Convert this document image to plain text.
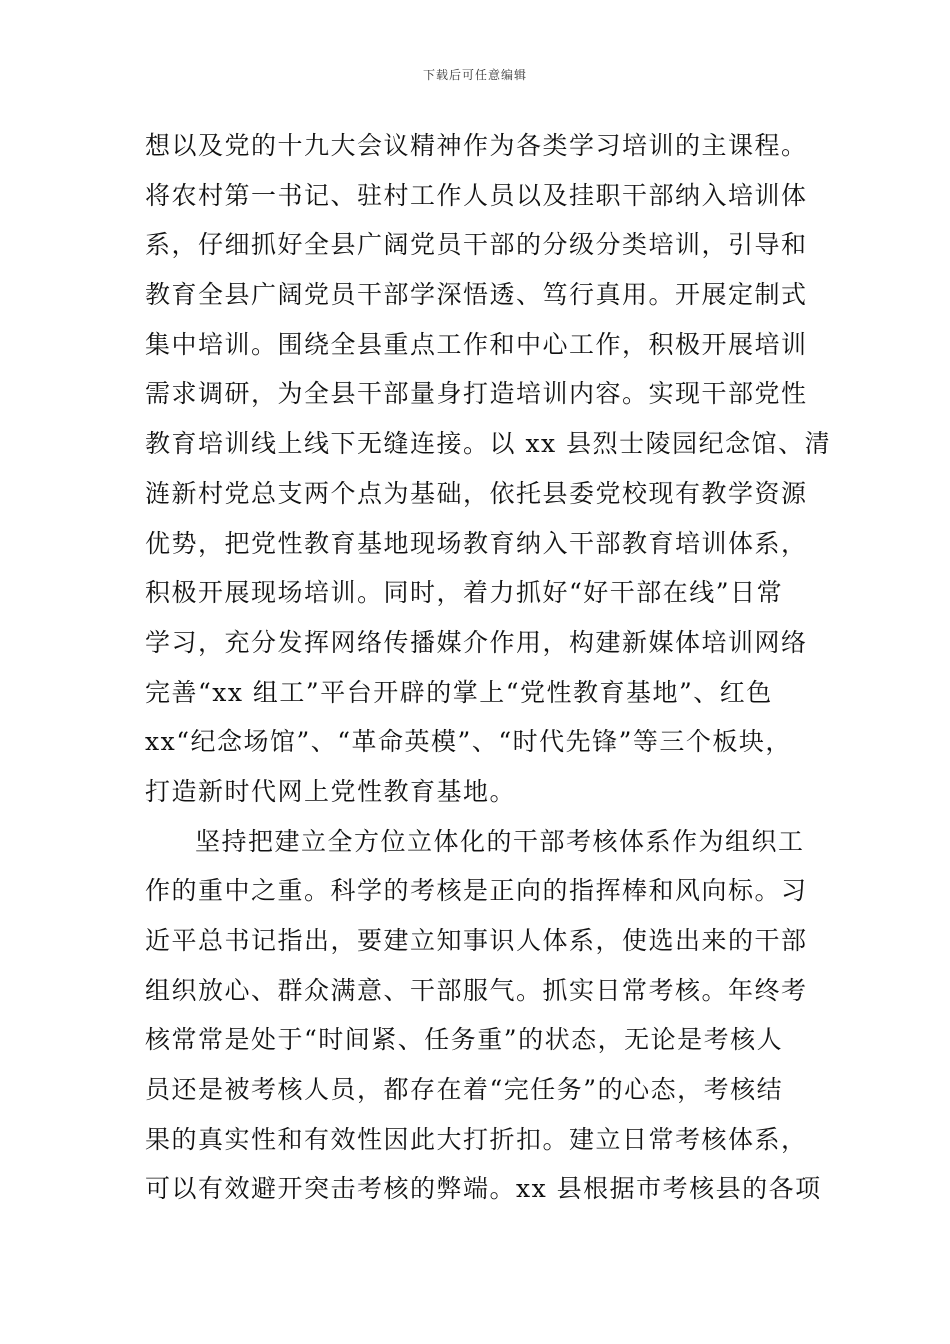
下载后可任意编辑
想以及党的十九大会议精神作为各类学习培训的主课程。
将农村第一书记、驻村工作人员以及挂职干部纳入培训体
系，仔细抓好全县广阔党员干部的分级分类培训，引导和
教育全县广阔党员干部学深悟透、笃行真用。开展定制式
集中培训。围绕全县重点工作和中心工作，积极开展培训
需求调研，为全县干部量身打造培训内容。实现干部党性
教育培训线上线下无缝连接。以 xx 县烈士陵园纪念馆、清
涟新村党总支两个点为基础，依托县委党校现有教学资源
优势，把党性教育基地现场教育纳入干部教育培训体系，
积极开展现场培训。同时，着力抓好“好干部在线”日常
学习，充分发挥网络传播媒介作用，构建新媒体培训网络
完善“xx 组工”平台开辟的掌上“党性教育基地”、红色
xx“纪念场馆”、“革命英模”、“时代先锋”等三个板块，
打造新时代网上党性教育基地。
坚持把建立全方位立体化的干部考核体系作为组织工
作的重中之重。科学的考核是正向的指挥棒和风向标。习
近平总书记指出，要建立知事识人体系，使选出来的干部
组织放心、群众满意、干部服气。抓实日常考核。年终考
核常常是处于“时间紧、任务重”的状态，无论是考核人
员还是被考核人员，都存在着“完任务”的心态，考核结
果的真实性和有效性因此大打折扣。建立日常考核体系，
可以有效避开突击考核的弊端。xx 县根据市考核县的各项
